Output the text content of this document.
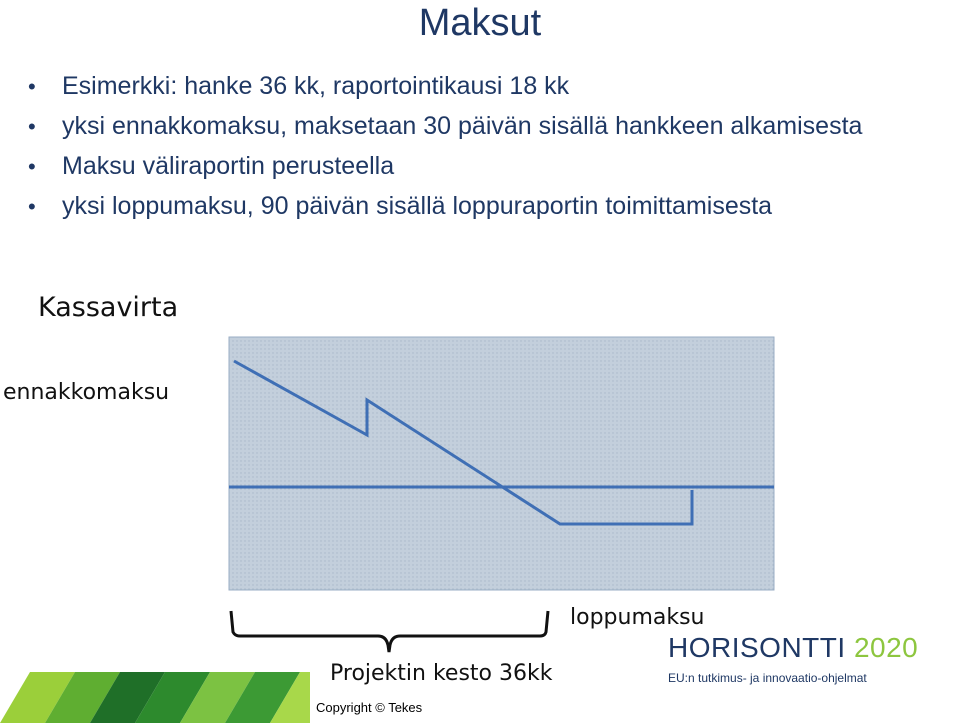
Maksut
• Esimerkki: hanke 36 kk, raportointikausi 18 kk
• yksi ennakkomaksu, maksetaan 30 päivän sisällä hankkeen alkamisesta
• Maksu väliraportin perusteella
• yksi loppumaksu, 90 päivän sisällä loppuraportin toimittamisesta
Kassavirta
ennakkomaksu
loppumaksu
Projektin kesto 36kk
Copyright © Tekes
HORISONTTI 2020
EU:n tutkimus- ja innovaatio-ohjelmat
